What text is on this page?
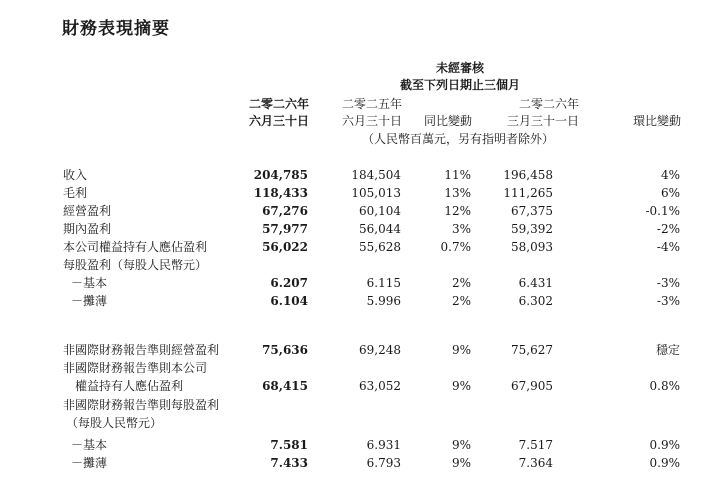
財務表現摘要
未經審核
截至下列日期止三個月
二零二六年
六月三十日
二零二五年
六月三十日 同比變動
二零二六年
三月三十一日	環比變動
（人民幣百萬元，另有指明者除外）
收入	204,785	184,504	11%	196,458	4%
毛利	118,433	105,013	13%	111,265	6%
經營盈利	67,276	60,104	12%	67,375	-0.1%
期內盈利	57,977	56,044	3%	59,392	-2%
本公司權益持有人應佔盈利	56,022	55,628	0.7%	58,093	-4%
每股盈利（每股人民幣元）
－基本	6.207	6.115	2%	6.431	-3%
－攤薄	6.104	5.996	2%	6.302	-3%
非國際財務報告準則經營盈利	75,636	69,248	9%	75,627	穩定
非國際財務報告準則本公司
權益持有人應佔盈利	68,415	63,052	9%	67,905	0.8%
非國際財務報告準則每股盈利
（每股人民幣元）
－基本	7.581	6.931	9%	7.517	0.9%
－攤薄	7.433	6.793	9%	7.364	0.9%
